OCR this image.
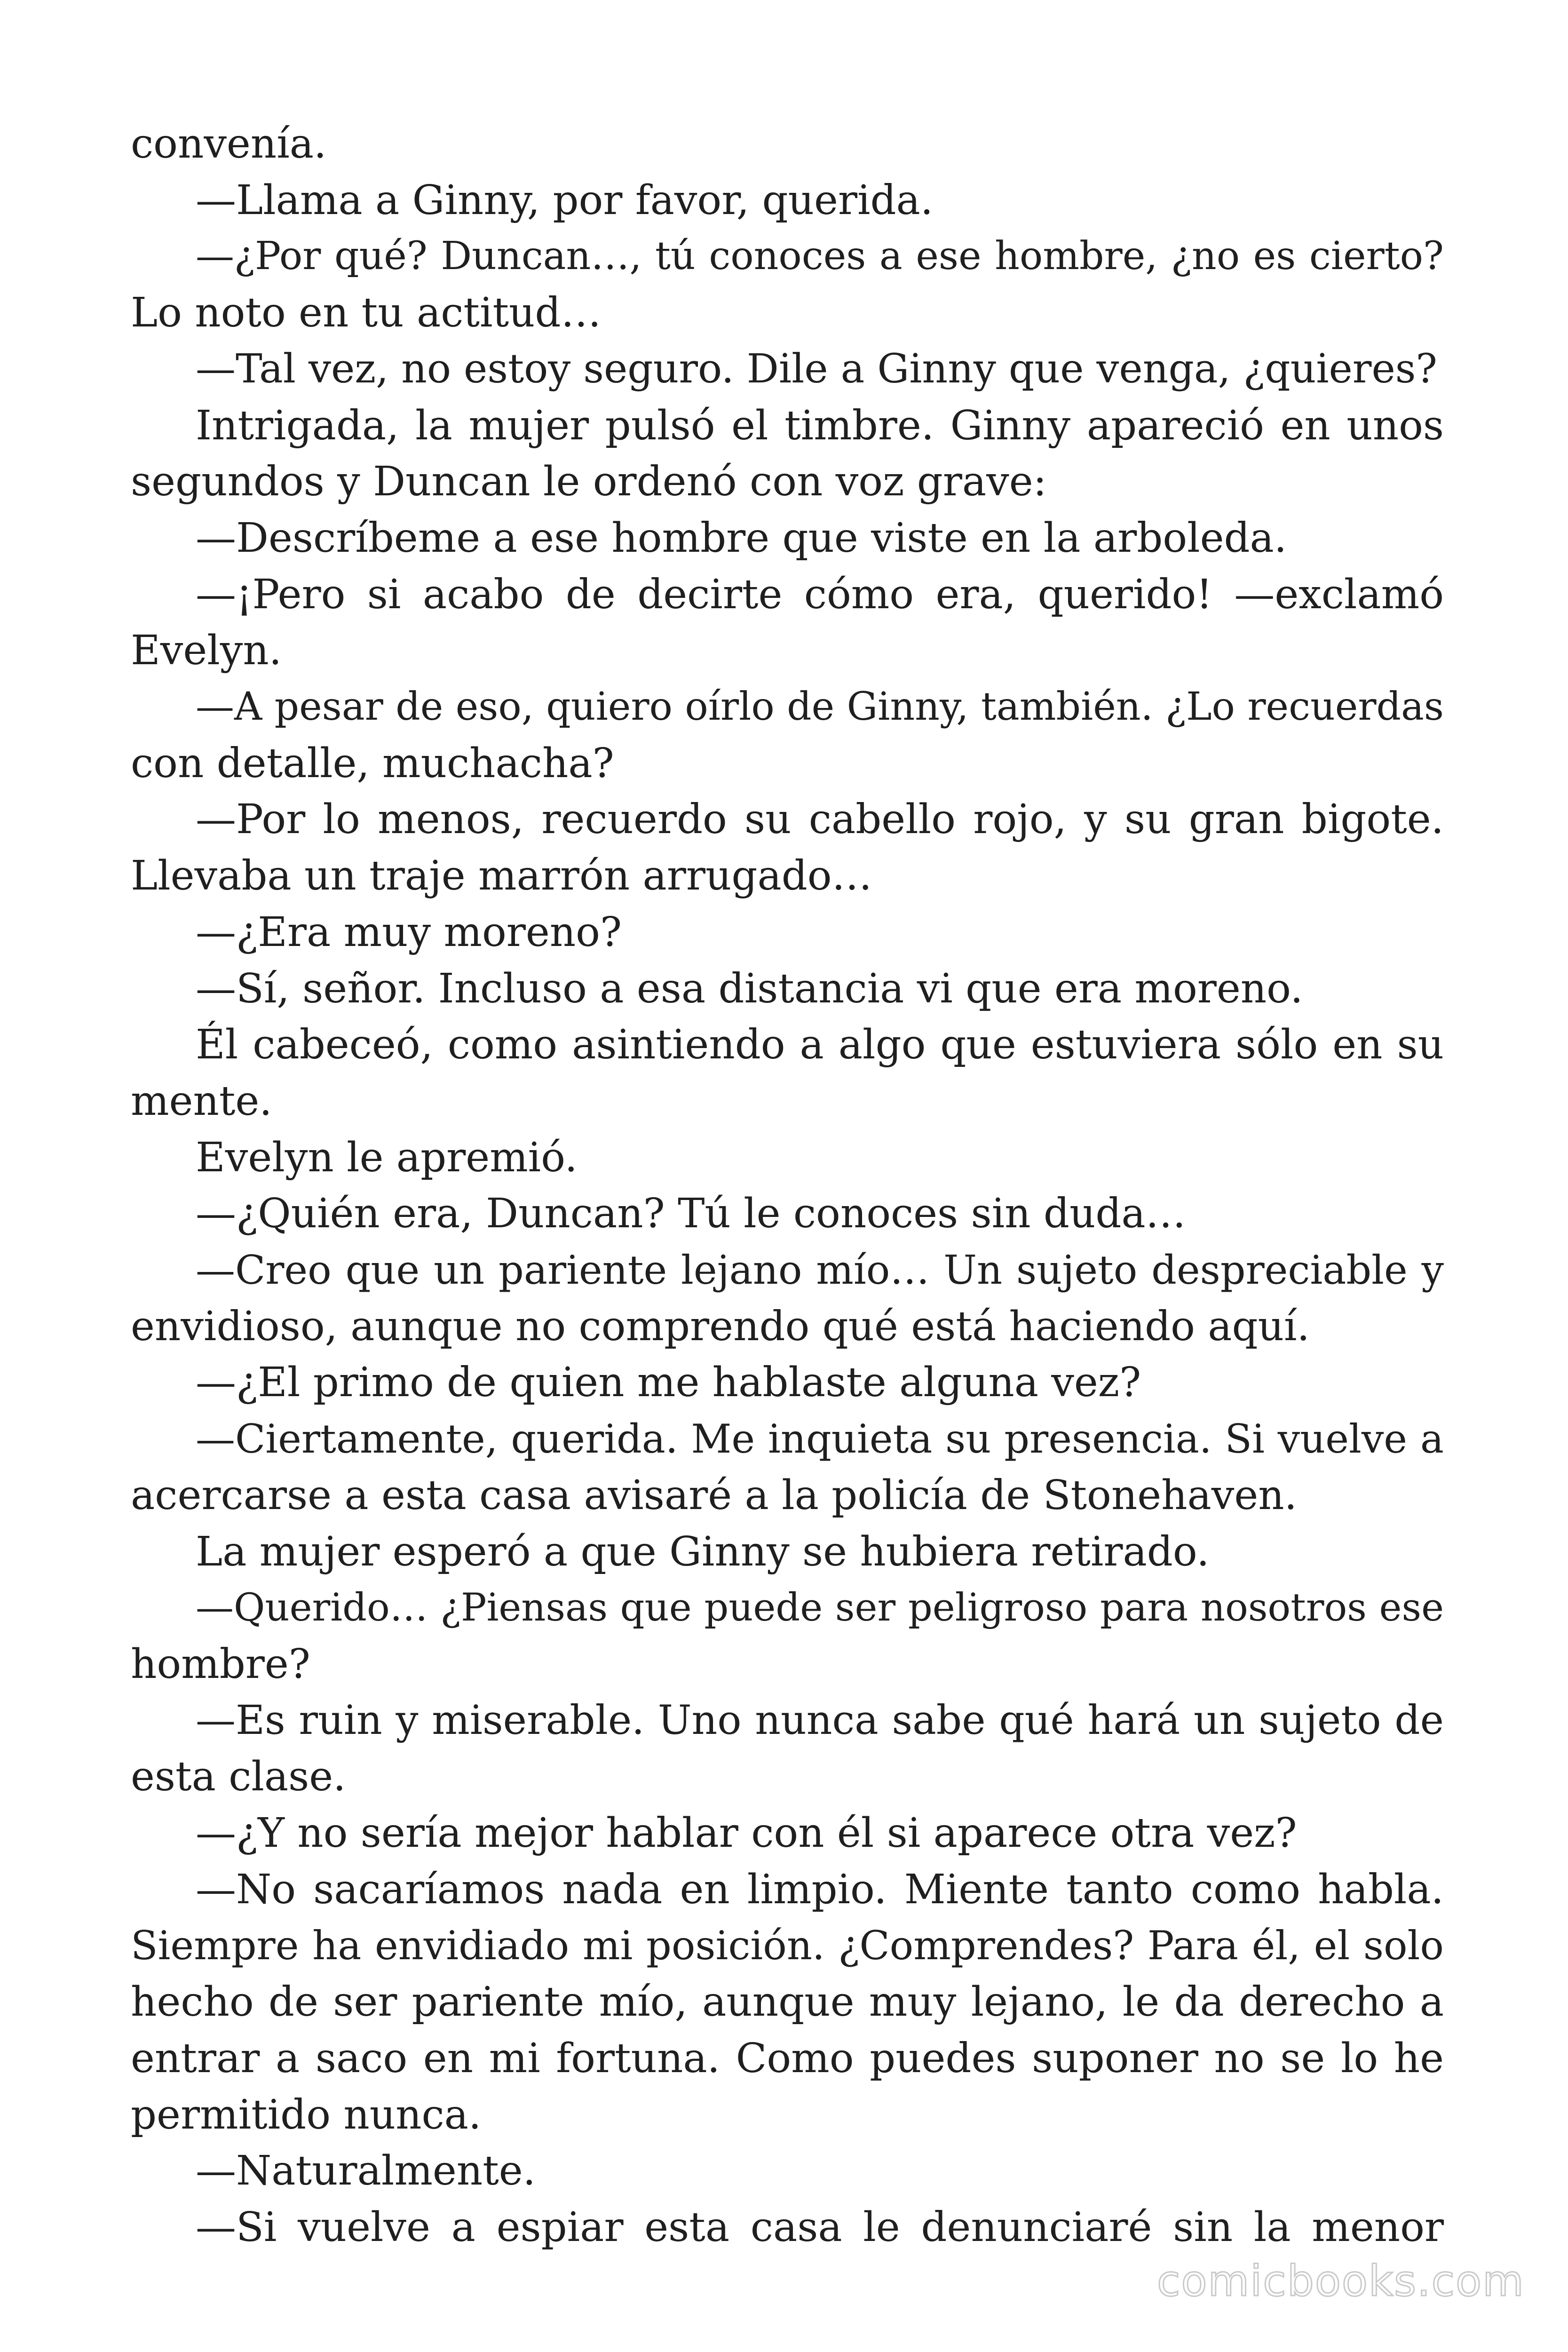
convenía.
—Llama a Ginny, por favor, querida.
—¿Por qué? Duncan…, tú conoces a ese hombre, ¿no es cierto?
Lo noto en tu actitud…
—Tal vez, no estoy seguro. Dile a Ginny que venga, ¿quieres?
Intrigada, la mujer pulsó el timbre. Ginny apareció en unos
segundos y Duncan le ordenó con voz grave:
—Descríbeme a ese hombre que viste en la arboleda.
—¡Pero si acabo de decirte cómo era, querido! —exclamó
Evelyn.
—A pesar de eso, quiero oírlo de Ginny, también. ¿Lo recuerdas
con detalle, muchacha?
—Por lo menos, recuerdo su cabello rojo, y su gran bigote.
Llevaba un traje marrón arrugado…
—¿Era muy moreno?
—Sí, señor. Incluso a esa distancia vi que era moreno.
Él cabeceó, como asintiendo a algo que estuviera sólo en su
mente.
Evelyn le apremió.
—¿Quién era, Duncan? Tú le conoces sin duda…
—Creo que un pariente lejano mío… Un sujeto despreciable y
envidioso, aunque no comprendo qué está haciendo aquí.
—¿El primo de quien me hablaste alguna vez?
—Ciertamente, querida. Me inquieta su presencia. Si vuelve a
acercarse a esta casa avisaré a la policía de Stonehaven.
La mujer esperó a que Ginny se hubiera retirado.
—Querido… ¿Piensas que puede ser peligroso para nosotros ese
hombre?
—Es ruin y miserable. Uno nunca sabe qué hará un sujeto de
esta clase.
—¿Y no sería mejor hablar con él si aparece otra vez?
—No sacaríamos nada en limpio. Miente tanto como habla.
Siempre ha envidiado mi posición. ¿Comprendes? Para él, el solo
hecho de ser pariente mío, aunque muy lejano, le da derecho a
entrar a saco en mi fortuna. Como puedes suponer no se lo he
permitido nunca.
—Naturalmente.
—Si vuelve a espiar esta casa le denunciaré sin la menor
comicbooks.com
